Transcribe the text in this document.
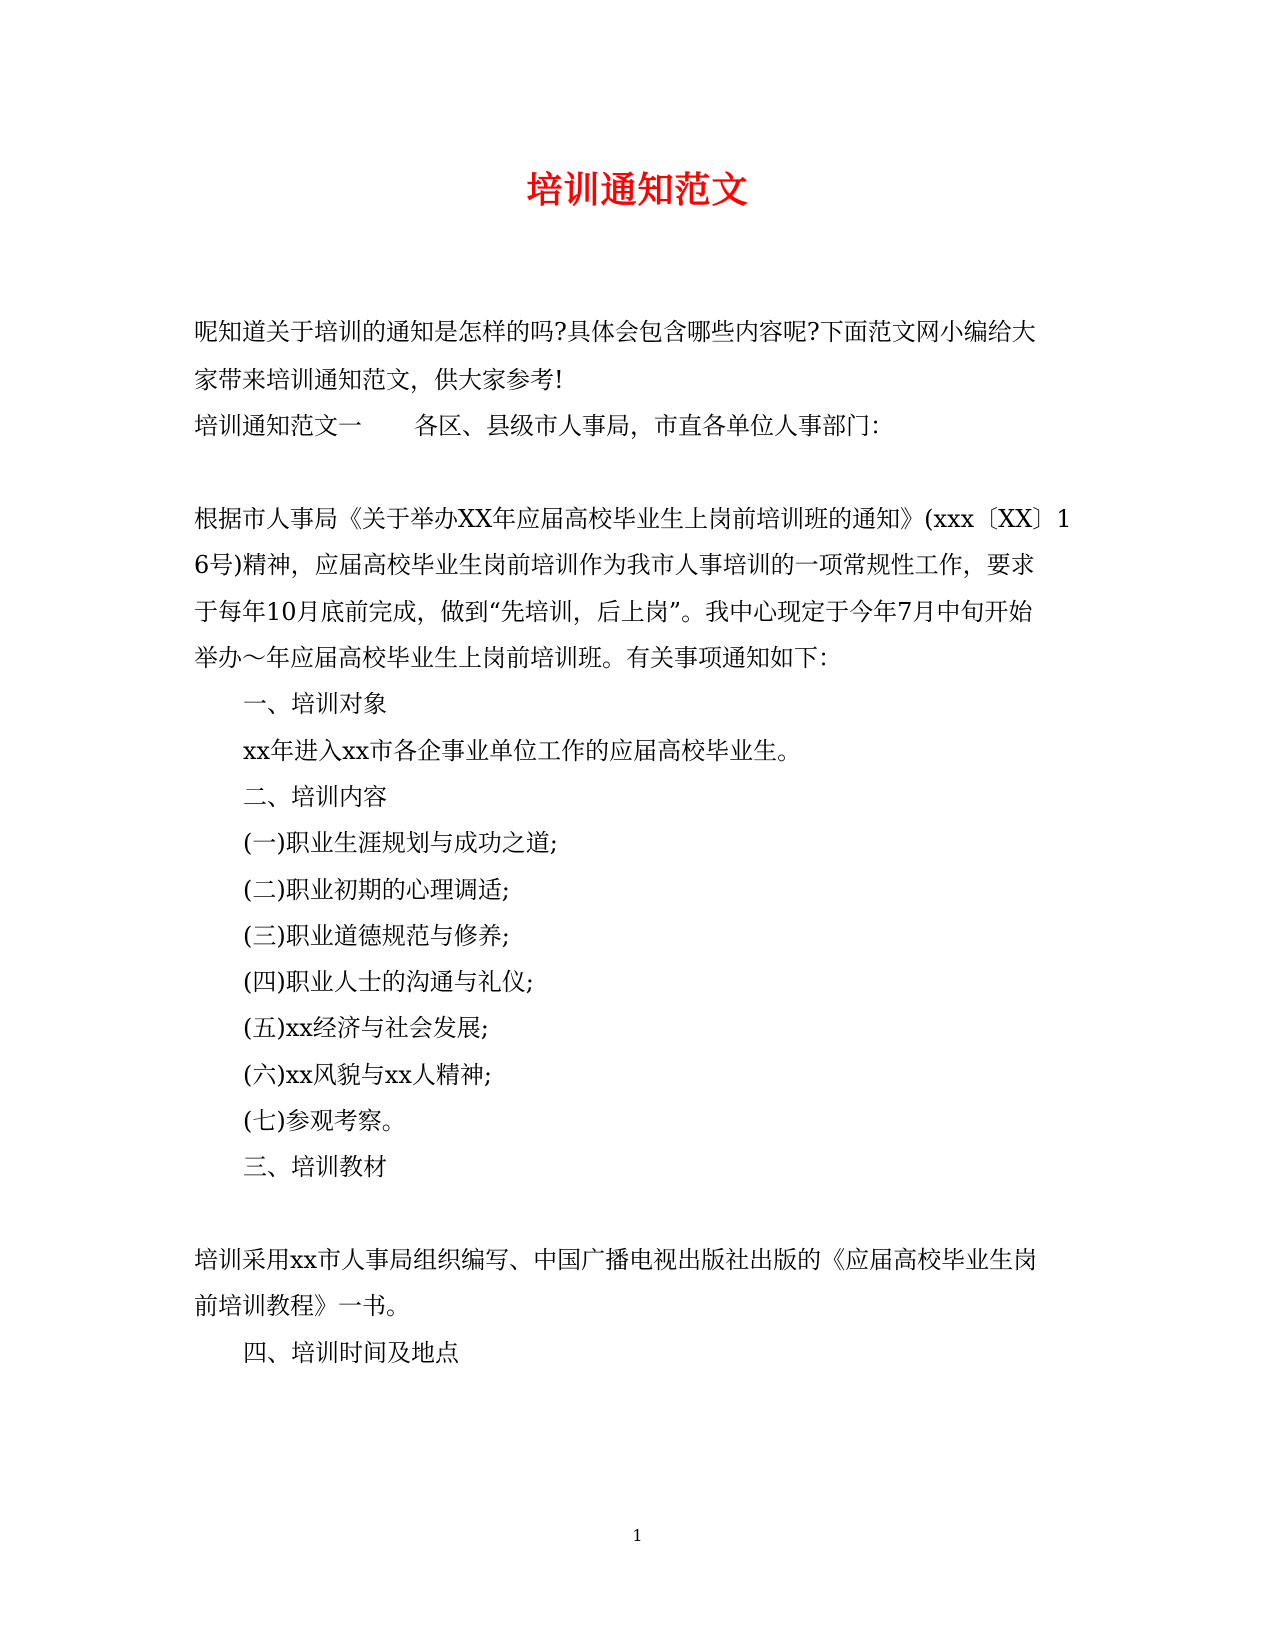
培训通知范文
呢知道关于培训的通知是怎样的吗?具体会包含哪些内容呢?下面范文网小编给大
家带来培训通知范文，供大家参考!
培训通知范文一 各区、县级市人事局，市直各单位人事部门：
根据市人事局《关于举办XX年应届高校毕业生上岗前培训班的通知》(xxx〔XX〕1
6号)精神，应届高校毕业生岗前培训作为我市人事培训的一项常规性工作，要求
于每年10月底前完成，做到“先培训，后上岗”。我中心现定于今年7月中旬开始
举办～年应届高校毕业生上岗前培训班。有关事项通知如下：
一、培训对象
xx年进入xx市各企事业单位工作的应届高校毕业生。
二、培训内容
(一)职业生涯规划与成功之道;
(二)职业初期的心理调适;
(三)职业道德规范与修养;
(四)职业人士的沟通与礼仪;
(五)xx经济与社会发展;
(六)xx风貌与xx人精神;
(七)参观考察。
三、培训教材
培训采用xx市人事局组织编写、中国广播电视出版社出版的《应届高校毕业生岗
前培训教程》一书。
四、培训时间及地点
1
